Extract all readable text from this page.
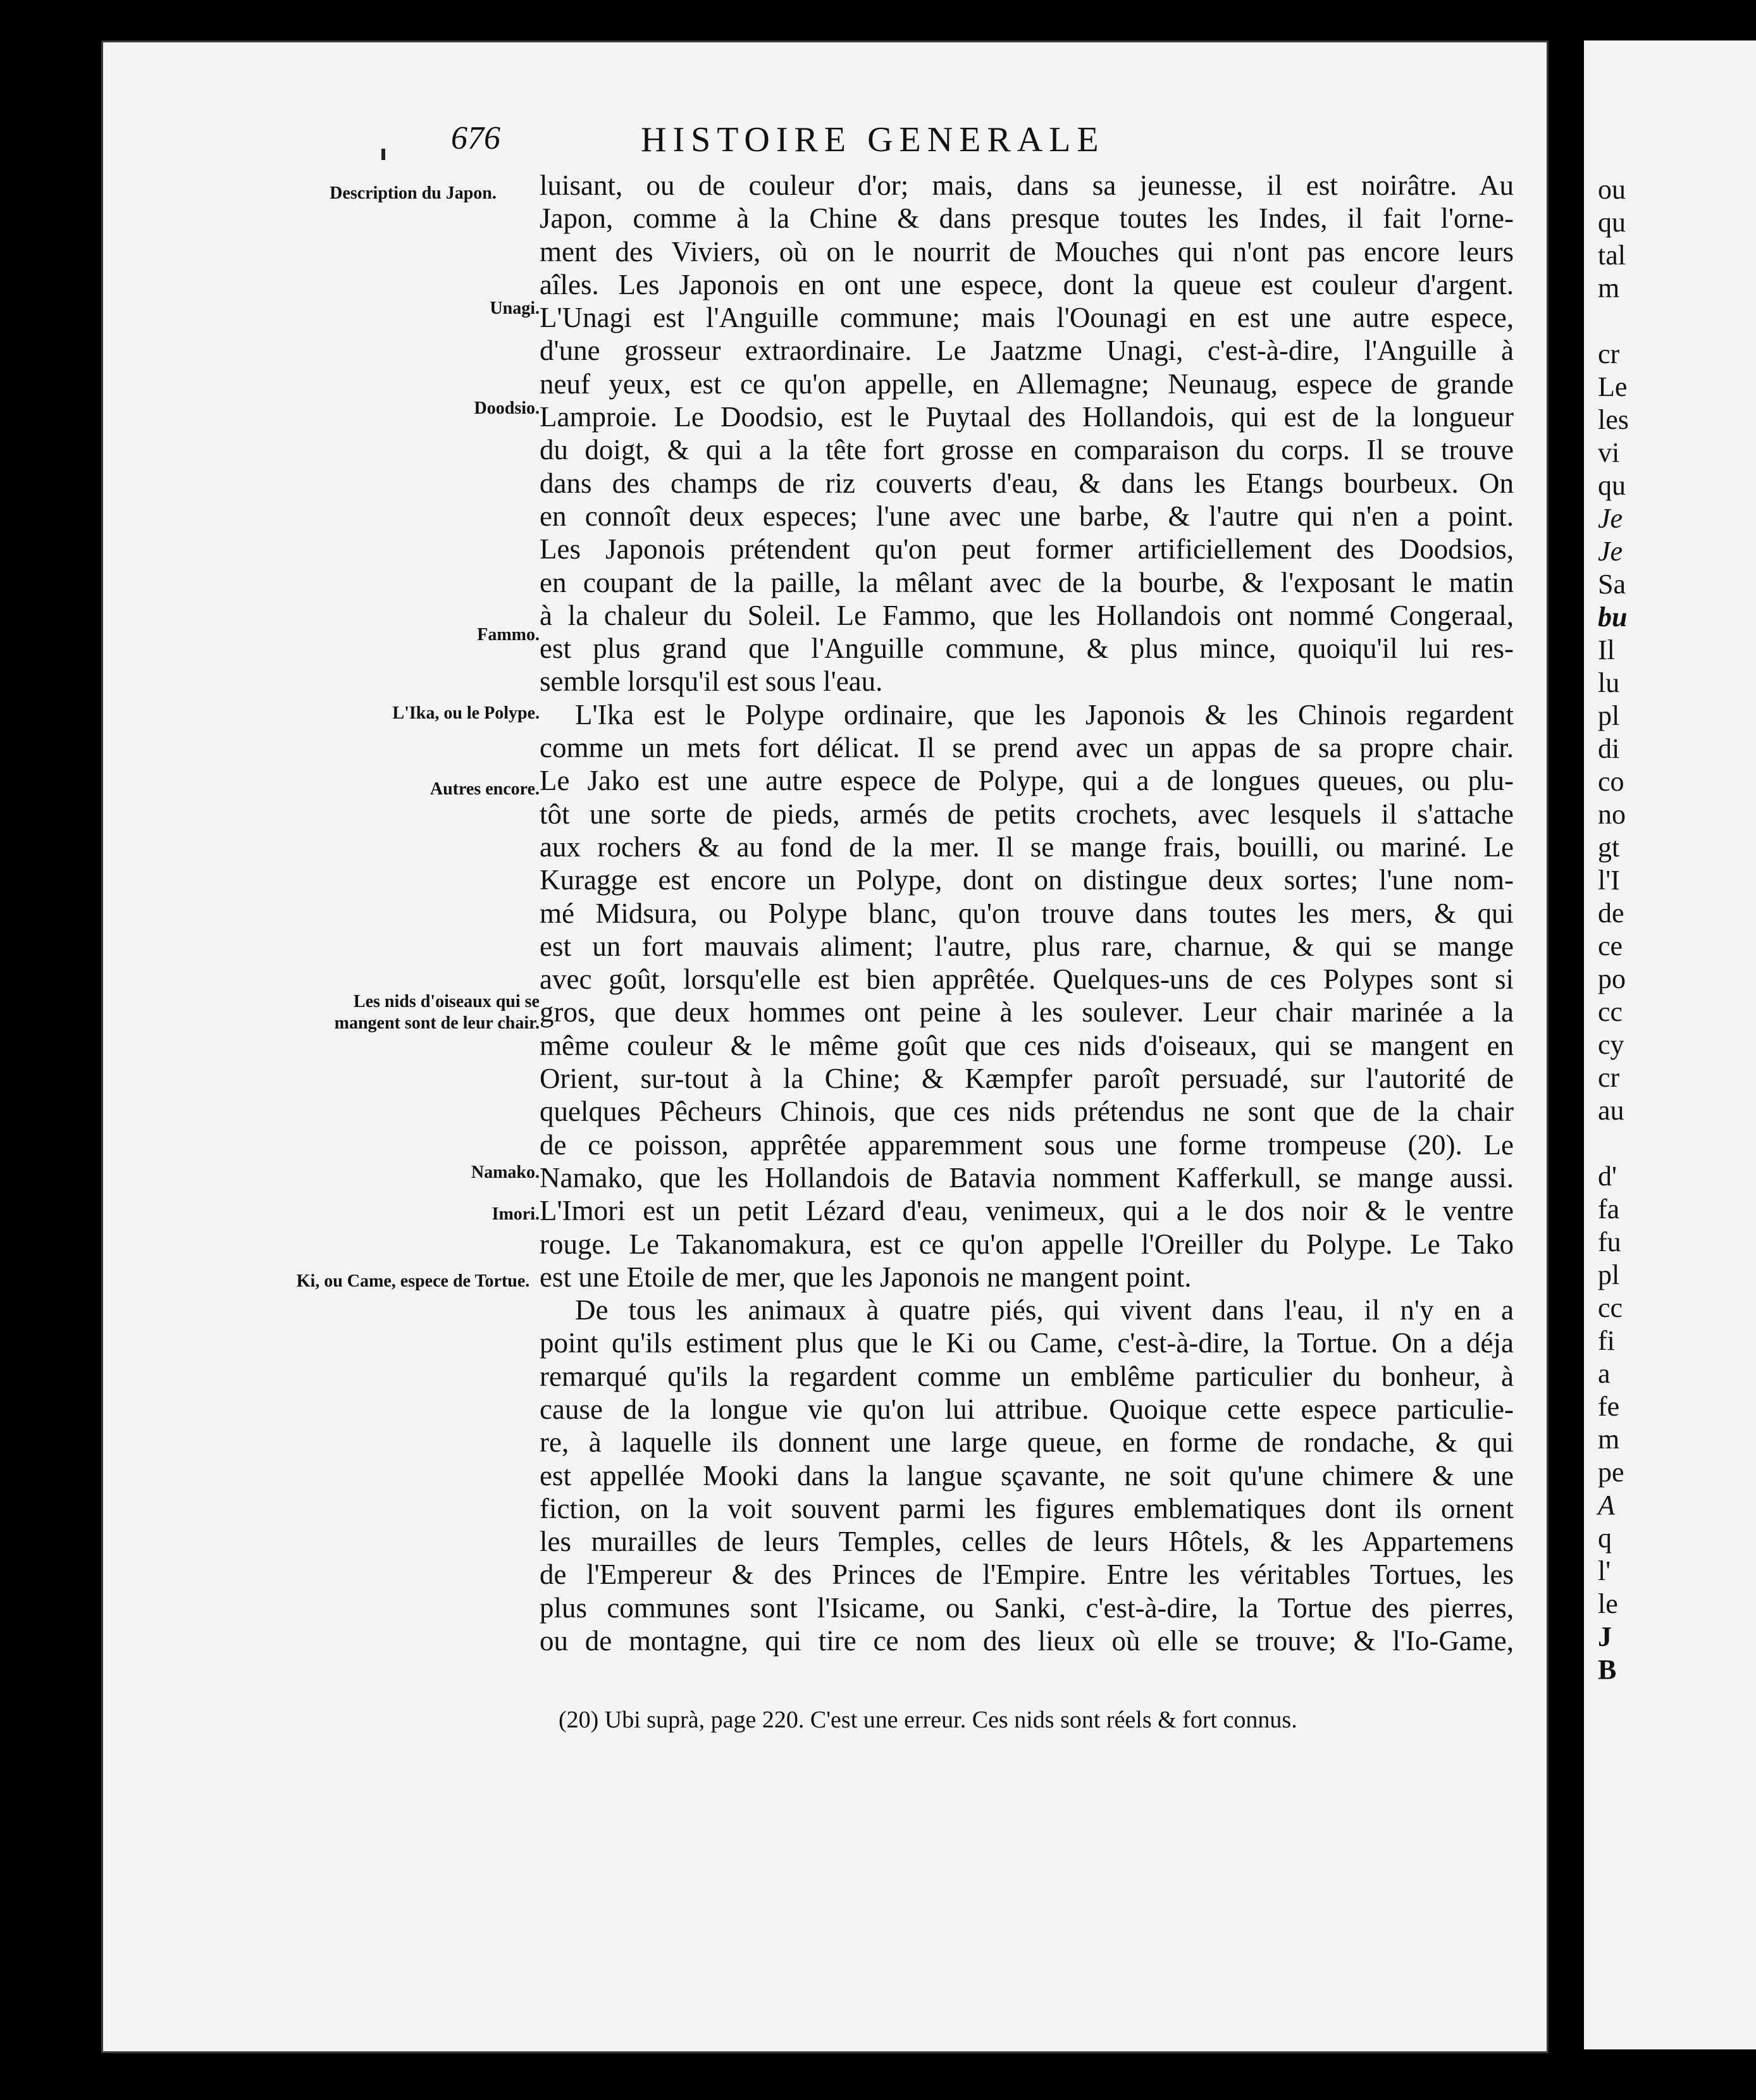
676	HISTOIRE GENERALE
Description du Japon.
Unagi.
Doodsio.
Fammo.
L'Ika, ou le Polype.
Autres encore.
Les nids d'oiseaux qui se mangent sont de leur chair.
Namako.
Imori.
Ki, ou Came, espece de Tortue.
luisant, ou de couleur d'or; mais, dans sa jeunesse, il est noirâtre. Au
Japon, comme à la Chine & dans presque toutes les Indes, il fait l'orne-
ment des Viviers, où on le nourrit de Mouches qui n'ont pas encore leurs
aîles. Les Japonois en ont une espece, dont la queue est couleur d'argent.
L'Unagi est l'Anguille commune; mais l'Oounagi en est une autre espece,
d'une grosseur extraordinaire. Le Jaatzme Unagi, c'est-à-dire, l'Anguille à
neuf yeux, est ce qu'on appelle, en Allemagne; Neunaug, espece de grande
Lamproie. Le Doodsio, est le Puytaal des Hollandois, qui est de la longueur
du doigt, & qui a la tête fort grosse en comparaison du corps. Il se trouve
dans des champs de riz couverts d'eau, & dans les Etangs bourbeux. On
en connoît deux especes; l'une avec une barbe, & l'autre qui n'en a point.
Les Japonois prétendent qu'on peut former artificiellement des Doodsios,
en coupant de la paille, la mêlant avec de la bourbe, & l'exposant le matin
à la chaleur du Soleil. Le Fammo, que les Hollandois ont nommé Congeraal,
est plus grand que l'Anguille commune, & plus mince, quoiqu'il lui res-
semble lorsqu'il est sous l'eau.
L'Ika est le Polype ordinaire, que les Japonois & les Chinois regardent
comme un mets fort délicat. Il se prend avec un appas de sa propre chair.
Le Jako est une autre espece de Polype, qui a de longues queues, ou plu-
tôt une sorte de pieds, armés de petits crochets, avec lesquels il s'attache
aux rochers & au fond de la mer. Il se mange frais, bouilli, ou mariné. Le
Kuragge est encore un Polype, dont on distingue deux sortes; l'une nom-
mé Midsura, ou Polype blanc, qu'on trouve dans toutes les mers, & qui
est un fort mauvais aliment; l'autre, plus rare, charnue, & qui se mange
avec goût, lorsqu'elle est bien apprêtée. Quelques-uns de ces Polypes sont si
gros, que deux hommes ont peine à les soulever. Leur chair marinée a la
même couleur & le même goût que ces nids d'oiseaux, qui se mangent en
Orient, sur-tout à la Chine; & Kæmpfer paroît persuadé, sur l'autorité de
quelques Pêcheurs Chinois, que ces nids prétendus ne sont que de la chair
de ce poisson, apprêtée apparemment sous une forme trompeuse (20). Le
Namako, que les Hollandois de Batavia nomment Kafferkull, se mange aussi.
L'Imori est un petit Lézard d'eau, venimeux, qui a le dos noir & le ventre
rouge. Le Takanomakura, est ce qu'on appelle l'Oreiller du Polype. Le Tako
est une Etoile de mer, que les Japonois ne mangent point.
De tous les animaux à quatre piés, qui vivent dans l'eau, il n'y en a
point qu'ils estiment plus que le Ki ou Came, c'est-à-dire, la Tortue. On a déja
remarqué qu'ils la regardent comme un emblême particulier du bonheur, à
cause de la longue vie qu'on lui attribue. Quoique cette espece particulie-
re, à laquelle ils donnent une large queue, en forme de rondache, & qui
est appellée Mooki dans la langue sçavante, ne soit qu'une chimere & une
fiction, on la voit souvent parmi les figures emblematiques dont ils ornent
les murailles de leurs Temples, celles de leurs Hôtels, & les Appartemens
de l'Empereur & des Princes de l'Empire. Entre les véritables Tortues, les
plus communes sont l'Isicame, ou Sanki, c'est-à-dire, la Tortue des pierres,
ou de montagne, qui tire ce nom des lieux où elle se trouve; & l'Io-Game,
(20) Ubi suprà, page 220. C'est une erreur. Ces nids sont réels & fort connus.
ou
qu
tal
m
cr
Le
les
vi
qu
Je
Je
Sa
bu
Il
lu
pl
di
co
no
gt
l'I
de
ce
po
cc
cy
cr
au
d'
fa
fu
pl
cc
fi
a
fe
m
pe
A
q
l'
le
J
B
